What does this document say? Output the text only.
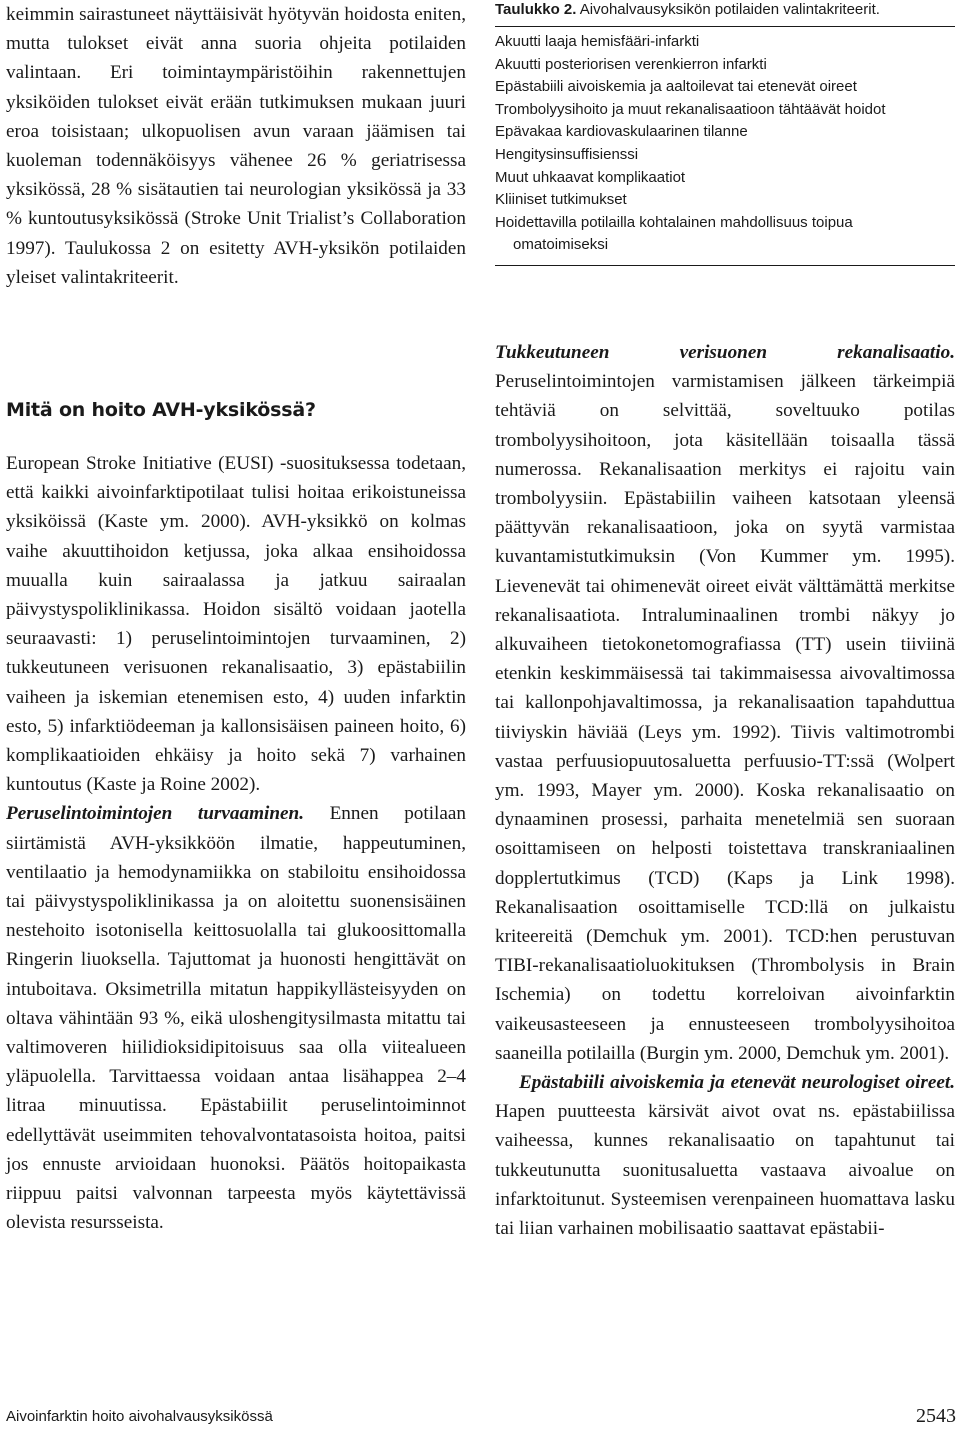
keimmin sairastuneet näyttäisivät hyötyvän hoidosta eniten, mutta tulokset eivät anna suoria ohjeita potilaiden valintaan. Eri toimintaympäristöihin rakennettujen yksiköiden tulokset eivät erään tutkimuksen mukaan juuri eroa toisistaan; ulkopuolisen avun varaan jäämisen tai kuoleman todennäköisyys vähenee 26 % geriatrisessa yksikössä, 28 % sisätautien tai neurologian yksikössä ja 33 % kuntoutusyksikössä (Stroke Unit Trialist’s Collaboration 1997). Taulukossa 2 on esitetty AVH-yksikön potilaiden yleiset valintakriteerit.

Mitä on hoito AVH-yksikössä?

European Stroke Initiative (EUSI) -suosituksessa todetaan, että kaikki aivoinfarktipotilaat tulisi hoitaa erikoistuneissa yksiköissä (Kaste ym. 2000). AVH-yksikkö on kolmas vaihe akuuttihoidon ketjussa, joka alkaa ensihoidossa muualla kuin sairaalassa ja jatkuu sairaalan päivystyspoliklinikassa. Hoidon sisältö voidaan jaotella seuraavasti: 1) peruselintoimintojen turvaaminen, 2) tukkeutuneen verisuonen rekanalisaatio, 3) epästabiilin vaiheen ja iskemian etenemisen esto, 4) uuden infarktin esto, 5) infarktiödeeman ja kallonsisäisen paineen hoito, 6) komplikaatioiden ehkäisy ja hoito sekä 7) varhainen kuntoutus (Kaste ja Roine 2002).

Peruselintoimintojen turvaaminen. Ennen potilaan siirtämistä AVH-yksikköön ilmatie, happeutuminen, ventilaatio ja hemodynamiikka on stabiloitu ensihoidossa tai päivystyspoliklinikassa ja on aloitettu suonensisäinen nestehoito isotonisella keittosuolalla tai glukoosittomalla Ringerin liuoksella. Tajuttomat ja huonosti hengittävät on intuboitava. Oksimetrilla mitatun happikyllästeisyyden on oltava vähintään 93 %, eikä uloshengitysilmasta mitattu tai valtimoveren hiilidioksidipitoisuus saa olla viitealueen yläpuolella. Tarvittaessa voidaan antaa lisähappea 2–4 litraa minuutissa. Epästabiilit peruselintoiminnot edellyttävät useimmiten tehovalvontatasoista hoitoa, paitsi jos ennuste arvioidaan huonoksi. Päätös hoitopaikasta riippuu paitsi valvonnan tarpeesta myös käytettävissä olevista resursseista.

Taulukko 2. Aivohalvausyksikön potilaiden valintakriteerit.

Akuutti laaja hemisfääri-infarkti
Akuutti posteriorisen verenkierron infarkti
Epästabiili aivoiskemia ja aaltoilevat tai etenevät oireet
Trombolyysihoito ja muut rekanalisaatioon tähtäävät hoidot
Epävakaa kardiovaskulaarinen tilanne
Hengitysinsuffisienssi
Muut uhkaavat komplikaatiot
Kliiniset tutkimukset
Hoidettavilla potilailla kohtalainen mahdollisuus toipua
omatoimiseksi

Tukkeutuneen verisuonen rekanalisaatio. Peruselintoimintojen varmistamisen jälkeen tärkeimpiä tehtäviä on selvittää, soveltuuko potilas trombolyysihoitoon, jota käsitellään toisaalla tässä numerossa. Rekanalisaation merkitys ei rajoitu vain trombolyysiin. Epästabiilin vaiheen katsotaan yleensä päättyvän rekanalisaatioon, joka on syytä varmistaa kuvantamistutkimuksin (Von Kummer ym. 1995). Lievenevät tai ohimenevät oireet eivät välttämättä merkitse rekanalisaatiota. Intraluminaalinen trombi näkyy jo alkuvaiheen tietokonetomografiassa (TT) usein tiiviinä etenkin keskimmäisessä tai takimmaisessa aivovaltimossa tai kallonpohjavaltimossa, ja rekanalisaation tapahduttua tiiviyskin häviää (Leys ym. 1992). Tiivis valtimotrombi vastaa perfuusiopuutosaluetta perfuusio-TT:ssä (Wolpert ym. 1993, Mayer ym. 2000). Koska rekanalisaatio on dynaaminen prosessi, parhaita menetelmiä sen suoraan osoittamiseen on helposti toistettava transkraniaalinen dopplertutkimus (TCD) (Kaps ja Link 1998). Rekanalisaation osoittamiselle TCD:llä on julkaistu kriteereitä (Demchuk ym. 2001). TCD:hen perustuvan TIBI-rekanalisaatioluokituksen (Thrombolysis in Brain Ischemia) on todettu korreloivan aivoinfarktin vaikeusasteeseen ja ennusteeseen trombolyysihoitoa saaneilla potilailla (Burgin ym. 2000, Demchuk ym. 2001).

Epästabiili aivoiskemia ja etenevät neurologiset oireet. Hapen puutteesta kärsivät aivot ovat ns. epästabiilissa vaiheessa, kunnes rekanalisaatio on tapahtunut tai tukkeutunutta suonitusaluetta vastaava aivoalue on infarktoitunut. Systeemisen verenpaineen huomattava lasku tai liian varhainen mobilisaatio saattavat epästabii-

Aivoinfarktin hoito aivohalvausyksikössä	2543
